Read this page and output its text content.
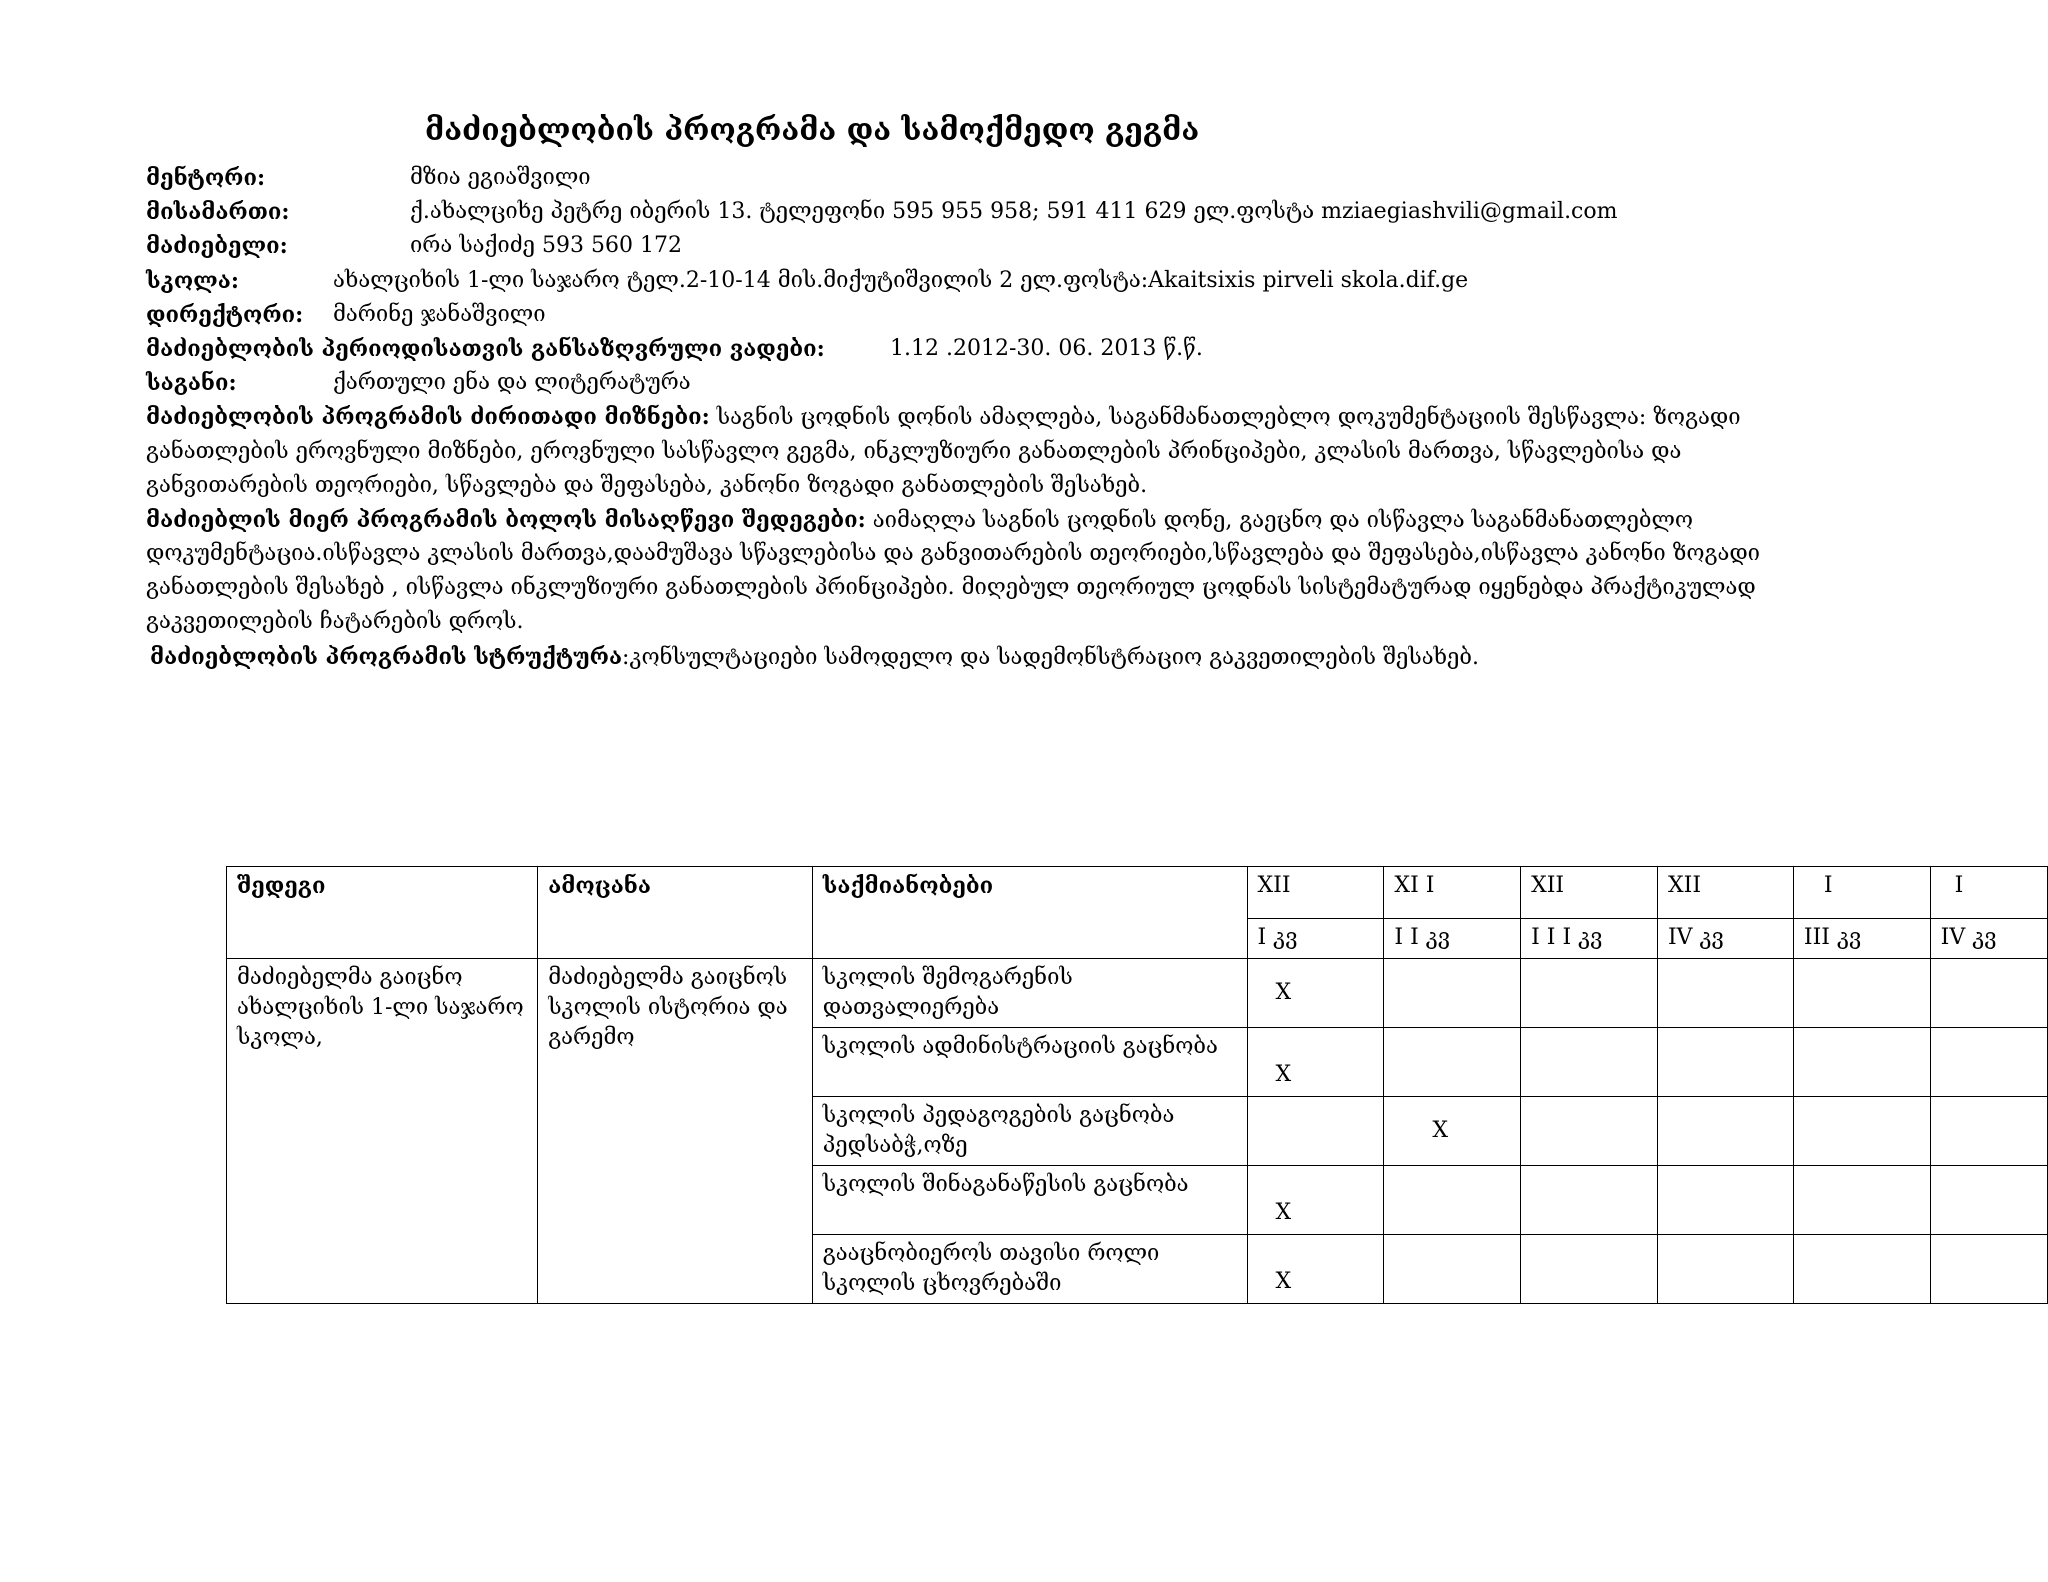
მაძიებლობის პროგრამა და სამოქმედო გეგმა
მენტორი:	მზია ეგიაშვილი
მისამართი:	ქ.ახალციხე პეტრე იბერის 13. ტელეფონი 595 955 958; 591 411 629 ელ.ფოსტა mziaegiashvili@gmail.com
მაძიებელი:	ირა საქიძე 593 560 172
სკოლა:	ახალციხის 1-ლი საჯარო ტელ.2-10-14 მის.მიქუტიშვილის 2 ელ.ფოსტა:Akaitsixis pirveli skola.dif.ge
დირექტორი: მარინე ჯანაშვილი
მაძიებლობის პერიოდისათვის განსაზღვრული ვადები:	1.12 .2012-30. 06. 2013 წ.წ.
საგანი:	ქართული ენა და ლიტერატურა
მაძიებლობის პროგრამის ძირითადი მიზნები: საგნის ცოდნის დონის ამაღლება, საგანმანათლებლო დოკუმენტაციის შესწავლა: ზოგადი
განათლების ეროვნული მიზნები, ეროვნული სასწავლო გეგმა, ინკლუზიური განათლების პრინციპები, კლასის მართვა, სწავლებისა და
განვითარების თეორიები, სწავლება და შეფასება, კანონი ზოგადი განათლების შესახებ.
მაძიებლის მიერ პროგრამის ბოლოს მისაღწევი შედეგები: აიმაღლა საგნის ცოდნის დონე, გაეცნო და ისწავლა საგანმანათლებლო
დოკუმენტაცია.ისწავლა კლასის მართვა,დაამუშავა სწავლებისა და განვითარების თეორიები,სწავლება და შეფასება,ისწავლა კანონი ზოგადი
განათლების შესახებ , ისწავლა ინკლუზიური განათლების პრინციპები. მიღებულ თეორიულ ცოდნას სისტემატურად იყენებდა პრაქტიკულად
გაკვეთილების ჩატარების დროს.
მაძიებლობის პროგრამის სტრუქტურა:კონსულტაციები სამოდელო და სადემონსტრაციო გაკვეთილების შესახებ.
შედეგი	ამოცანა	საქმიანობები	XII	XI I	XII	XII	I	I
			I კვ	I I კვ	I I I კვ	IV კვ	III კვ	IV კვ
მაძიებელმა გაიცნო ახალციხის 1-ლი საჯარო სკოლა,	მაძიებელმა გაიცნოს სკოლის ისტორია და გარემო	სკოლის შემოგარენის დათვალიერება	X					
		სკოლის ადმინისტრაციის გაცნობა	X					
		სკოლის პედაგოგების გაცნობა პედსაბჭ,ოზე		X				
		სკოლის შინაგანაწესის გაცნობა	X					
		გააცნობიეროს თავისი როლი სკოლის ცხოვრებაში	X					
